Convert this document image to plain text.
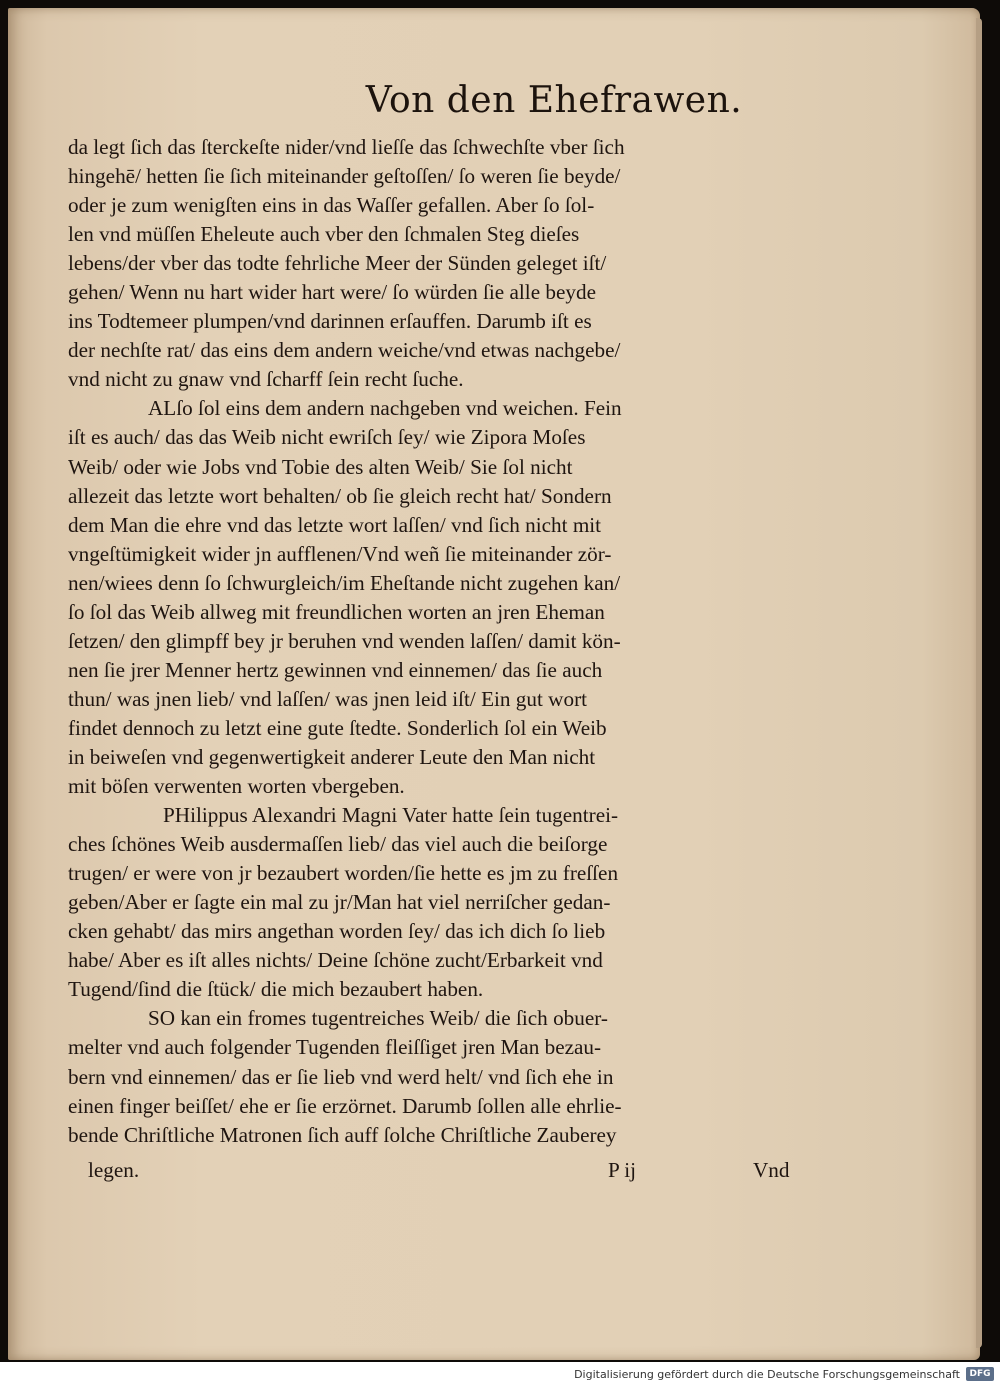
Von den Ehefrawen.
da legt ſich das ſterckeſte nider/vnd lieſſe das ſchwechſte vber ſich
hingehē/ hetten ſie ſich miteinander geſtoſſen/ ſo weren ſie beyde/
oder je zum wenigſten eins in das Waſſer gefallen. Aber ſo ſol-
len vnd müſſen Eheleute auch vber den ſchmalen Steg dieſes
lebens/der vber das todte fehrliche Meer der Sünden geleget iſt/
gehen/ Wenn nu hart wider hart were/ ſo würden ſie alle beyde
ins Todtemeer plumpen/vnd darinnen erſauffen. Darumb iſt es
der nechſte rat/ das eins dem andern weiche/vnd etwas nachgebe/
vnd nicht zu gnaw vnd ſcharff ſein recht ſuche.
ALſo ſol eins dem andern nachgeben vnd weichen. Fein
iſt es auch/ das das Weib nicht ewriſch ſey/ wie Zipora Moſes
Weib/ oder wie Jobs vnd Tobie des alten Weib/ Sie ſol nicht
allezeit das letzte wort behalten/ ob ſie gleich recht hat/ Sondern
dem Man die ehre vnd das letzte wort laſſen/ vnd ſich nicht mit
vngeſtümigkeit wider jn aufflenen/Vnd weñ ſie miteinander zör-
nen/wiees denn ſo ſchwurgleich/im Eheſtande nicht zugehen kan/
ſo ſol das Weib allweg mit freundlichen worten an jren Eheman
ſetzen/ den glimpff bey jr beruhen vnd wenden laſſen/ damit kön-
nen ſie jrer Menner hertz gewinnen vnd einnemen/ das ſie auch
thun/ was jnen lieb/ vnd laſſen/ was jnen leid iſt/ Ein gut wort
findet dennoch zu letzt eine gute ſtedte. Sonderlich ſol ein Weib
in beiweſen vnd gegenwertigkeit anderer Leute den Man nicht
mit böſen verwenten worten vbergeben.
PHilippus Alexandri Magni Vater hatte ſein tugentrei-
ches ſchönes Weib ausdermaſſen lieb/ das viel auch die beiſorge
trugen/ er were von jr bezaubert worden/ſie hette es jm zu freſſen
geben/Aber er ſagte ein mal zu jr/Man hat viel nerriſcher gedan-
cken gehabt/ das mirs angethan worden ſey/ das ich dich ſo lieb
habe/ Aber es iſt alles nichts/ Deine ſchöne zucht/Erbarkeit vnd
Tugend/ſind die ſtück/ die mich bezaubert haben.
SO kan ein fromes tugentreiches Weib/ die ſich obuer-
melter vnd auch folgender Tugenden fleiſſiget jren Man bezau-
bern vnd einnemen/ das er ſie lieb vnd werd helt/ vnd ſich ehe in
einen finger beiſſet/ ehe er ſie erzörnet. Darumb ſollen alle ehrlie-
bende Chriſtliche Matronen ſich auff ſolche Chriſtliche Zauberey
legen.	P ij	Vnd
Digitalisierung gefördert durch die Deutsche Forschungsgemeinschaft	DFG
